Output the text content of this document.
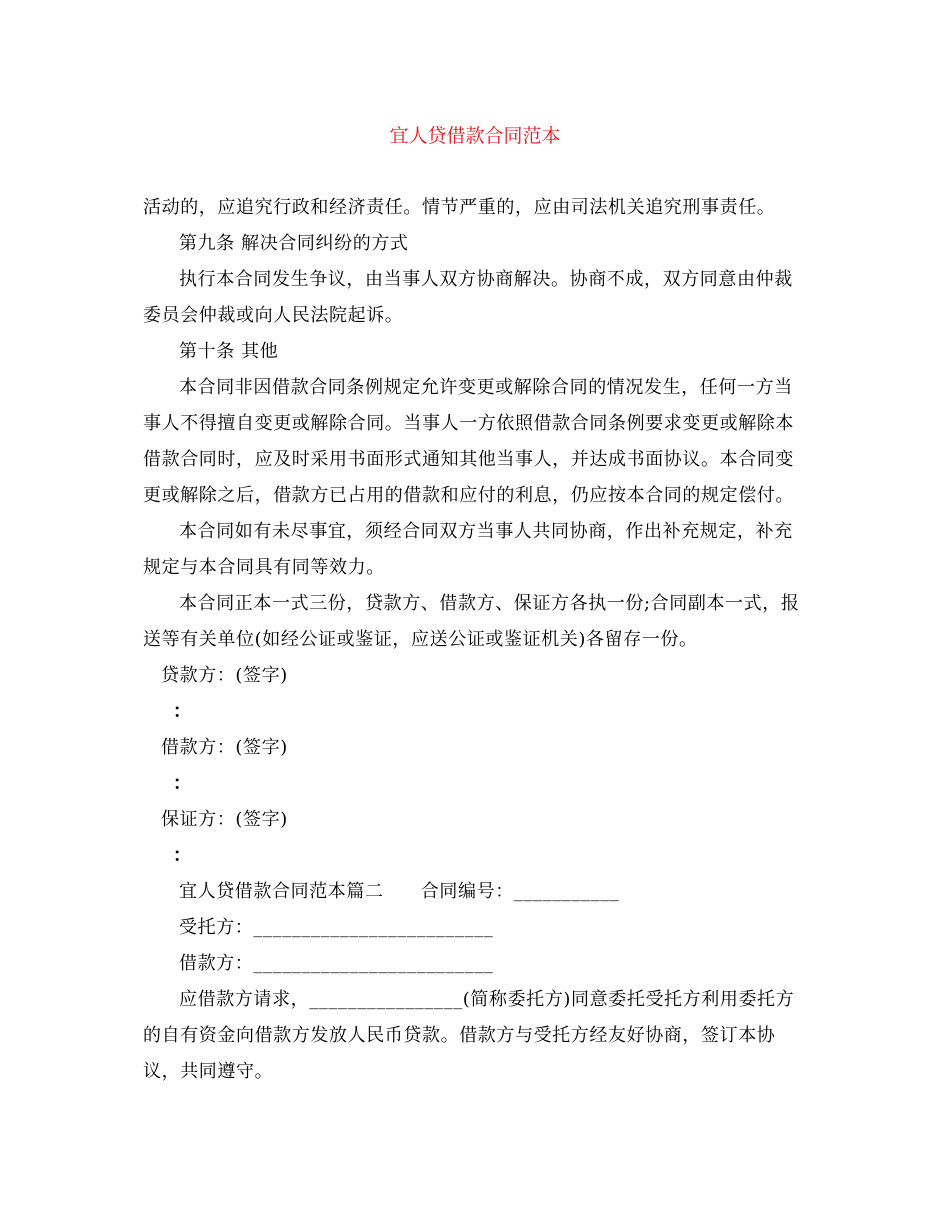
宜人贷借款合同范本
活动的，应追究行政和经济责任。情节严重的，应由司法机关追究刑事责任。
第九条 解决合同纠纷的方式
执行本合同发生争议，由当事人双方协商解决。协商不成，双方同意由仲裁
委员会仲裁或向人民法院起诉。
第十条 其他
本合同非因借款合同条例规定允许变更或解除合同的情况发生，任何一方当
事人不得擅自变更或解除合同。当事人一方依照借款合同条例要求变更或解除本
借款合同时，应及时采用书面形式通知其他当事人，并达成书面协议。本合同变
更或解除之后，借款方已占用的借款和应付的利息，仍应按本合同的规定偿付。
本合同如有未尽事宜，须经合同双方当事人共同协商，作出补充规定，补充
规定与本合同具有同等效力。
本合同正本一式三份，贷款方、借款方、保证方各执一份;合同副本一式，报
送等有关单位(如经公证或鉴证，应送公证或鉴证机关)各留存一份。
贷款方：(签字)
：
借款方：(签字)
：
保证方：(签字)
：
宜人贷借款合同范本篇二　　合同编号：___________
受托方：_________________________
借款方：_________________________
应借款方请求，________________(简称委托方)同意委托受托方利用委托方
的自有资金向借款方发放人民币贷款。借款方与受托方经友好协商，签订本协
议，共同遵守。
